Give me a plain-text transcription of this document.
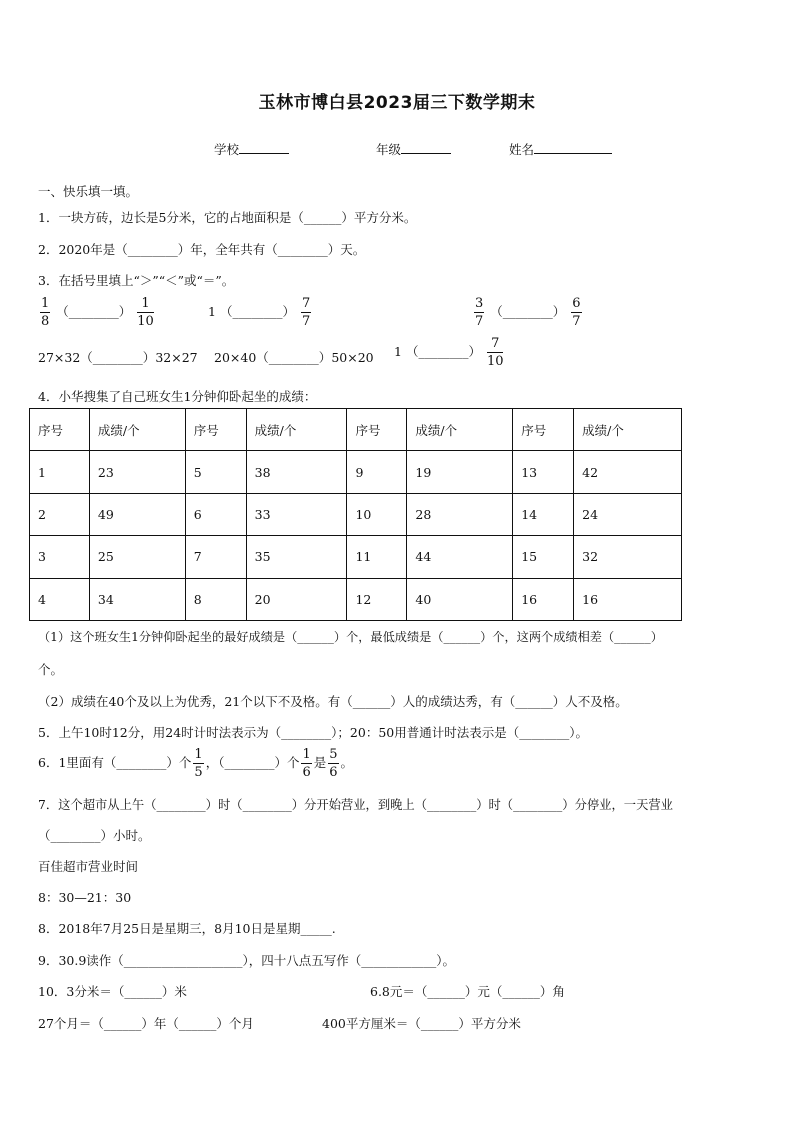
玉林市博白县2023届三下数学期末
学校	年级	姓名
一、快乐填一填。
1．一块方砖，边长是5分米，它的占地面积是（______）平方分米。
2．2020年是（________）年，全年共有（________）天。
3．在括号里填上“＞”“＜”或“＝”。
$\frac{1}{8}$ （________） $\frac{1}{10}$	1 （________） $\frac{7}{7}$	$\frac{3}{7}$ （________） $\frac{6}{7}$
27×32（________）32×27 20×40（________）50×20 1 （________） $\frac{7}{10}$
4．小华搜集了自己班女生1分钟仰卧起坐的成绩：
序号	成绩/个	序号	成绩/个	序号	成绩/个	序号	成绩/个
1	23	5	38	9	19	13	42
2	49	6	33	10	28	14	24
3	25	7	35	11	44	15	32
4	34	8	20	12	40	16	16
（1）这个班女生1分钟仰卧起坐的最好成绩是（______）个，最低成绩是（______）个，这两个成绩相差（______）
个。
（2）成绩在40个及以上为优秀，21个以下不及格。有（______）人的成绩达秀，有（______）人不及格。
5．上午10时12分，用24时计时法表示为（________）；20：50用普通计时法表示是（________）。
6．1里面有（________）个 $\frac{1}{5}$ ，（________）个 $\frac{1}{6}$ 是 $\frac{5}{6}$ 。
7．这个超市从上午（________）时（________）分开始营业，到晚上（________）时（________）分停业，一天营业
（________）小时。
百佳超市营业时间
8：30—21：30
8．2018年7月25日是星期三，8月10日是星期_____.
9．30.9读作（___________________），四十八点五写作（____________）。
10．3分米＝（______）米	6.8元＝（______）元（______）角
27个月＝（______）年（______）个月	400平方厘米＝（______）平方分米
